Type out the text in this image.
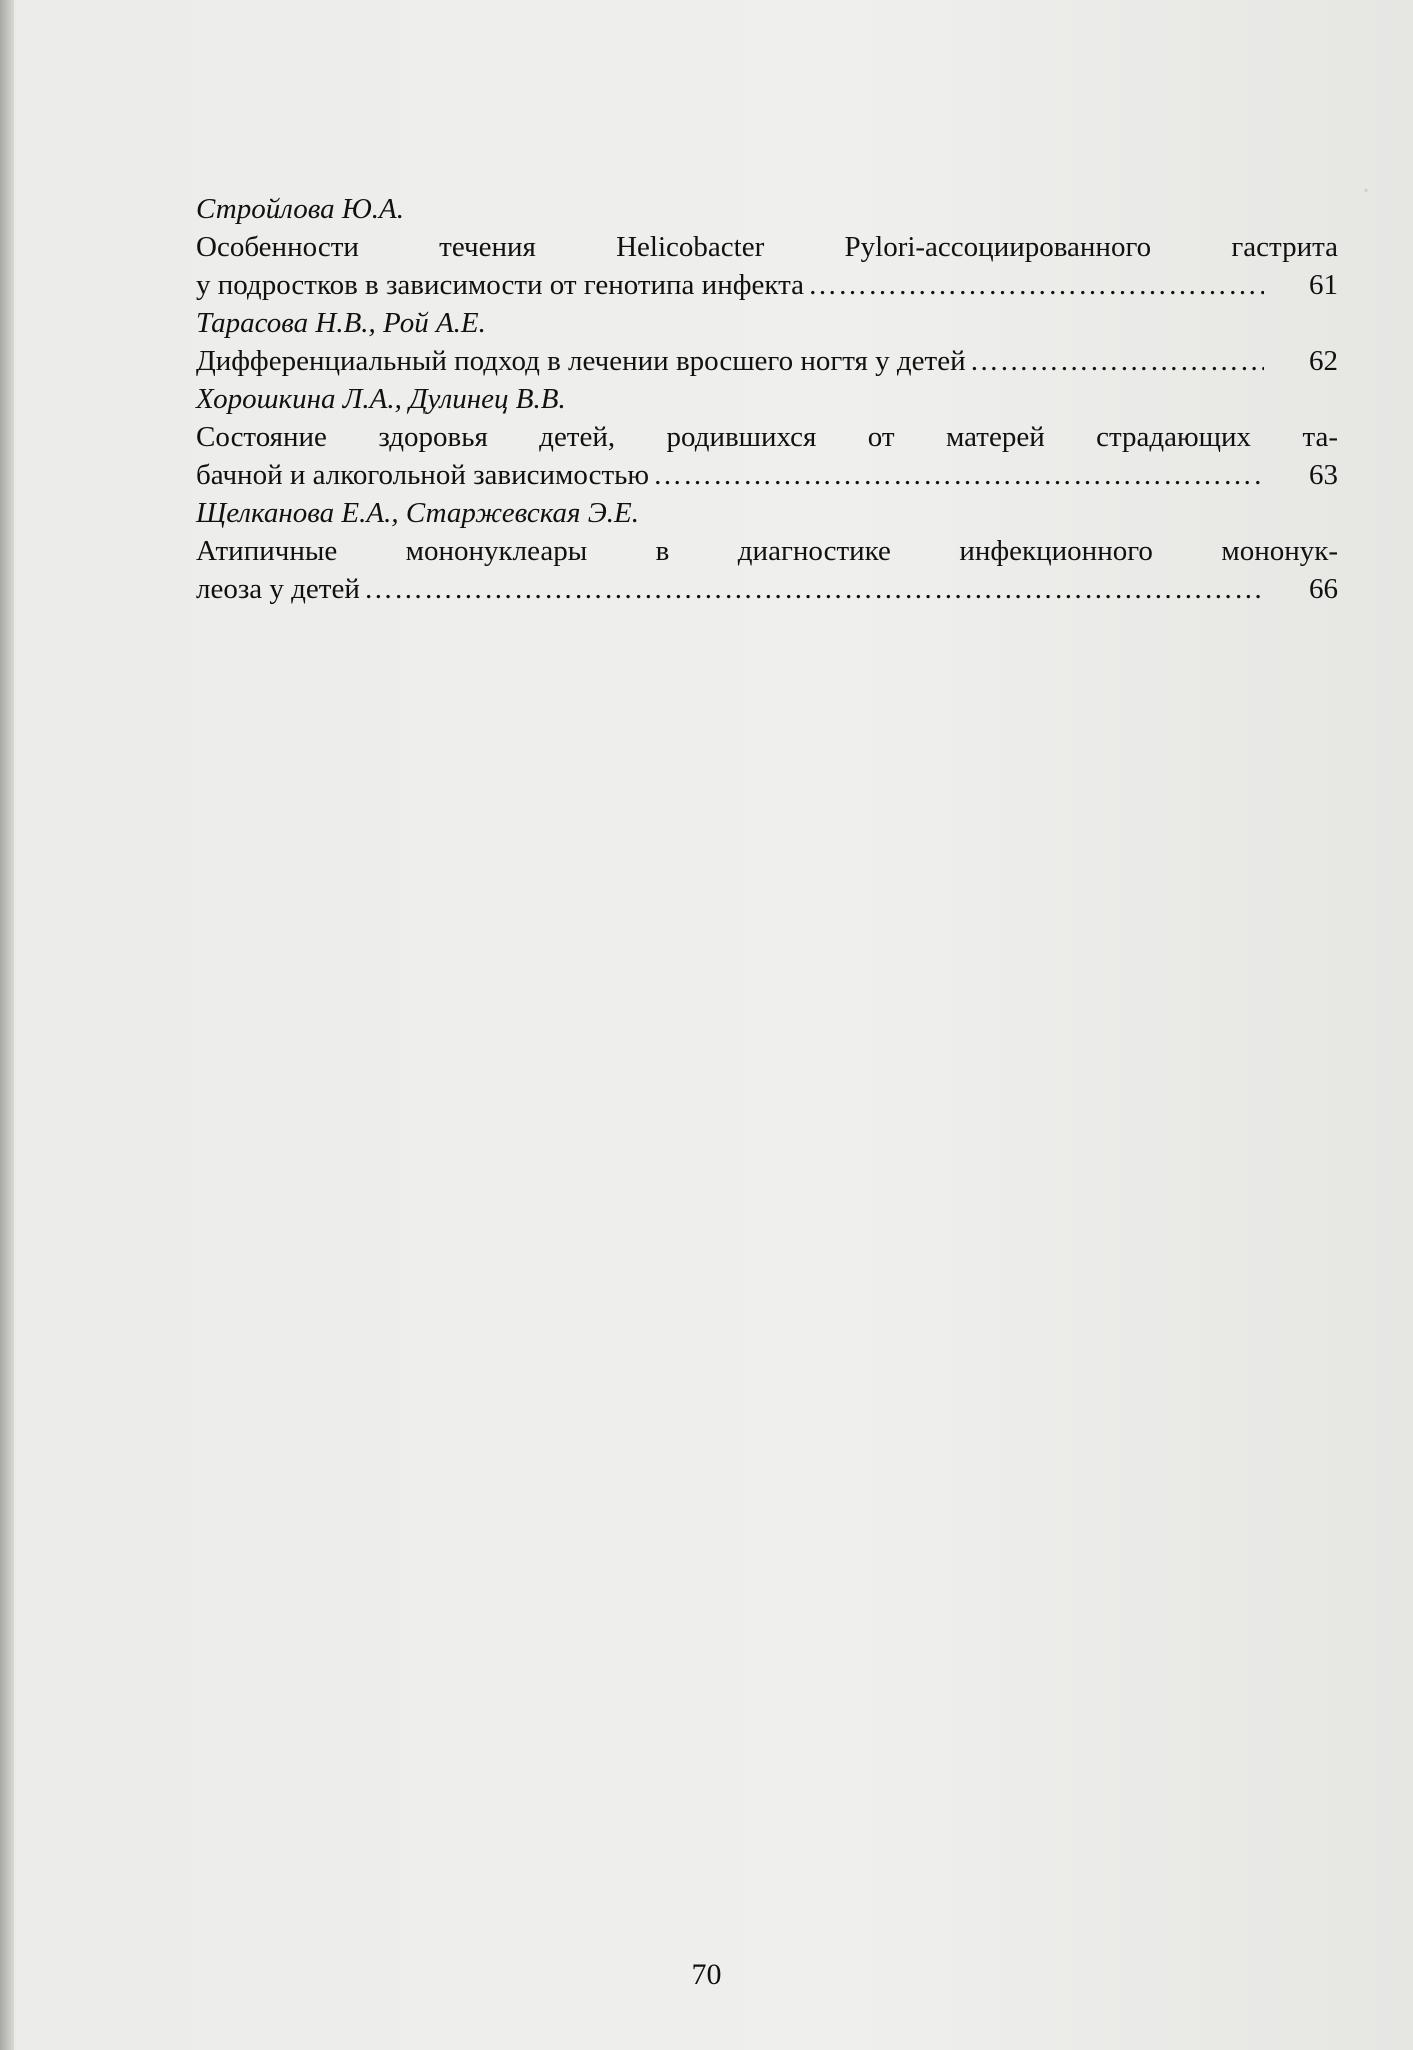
·
Стройлова Ю.А.
Особенности течения Helicobacter Pylori-ассоциированного гастрита
у подростков в зависимости от генотипа инфекта …………………………………………………………………………………………………………………………………………………………………………	61
Тарасова Н.В., Рой А.Е.
Дифференциальный подход в лечении вросшего ногтя у детей …………………………………………………………………………………………………………………………………………………………………………	62
Хорошкина Л.А., Дулинец В.В.
Состояние здоровья детей, родившихся от матерей страдающих та-
бачной и алкогольной зависимостью …………………………………………………………………………………………………………………………………………………………………………	63
Щелканова Е.А., Старжевская Э.Е.
Атипичные мононуклеары в диагностике инфекционного мононук-
леоза у детей …………………………………………………………………………………………………………………………………………………………………………	66
70
